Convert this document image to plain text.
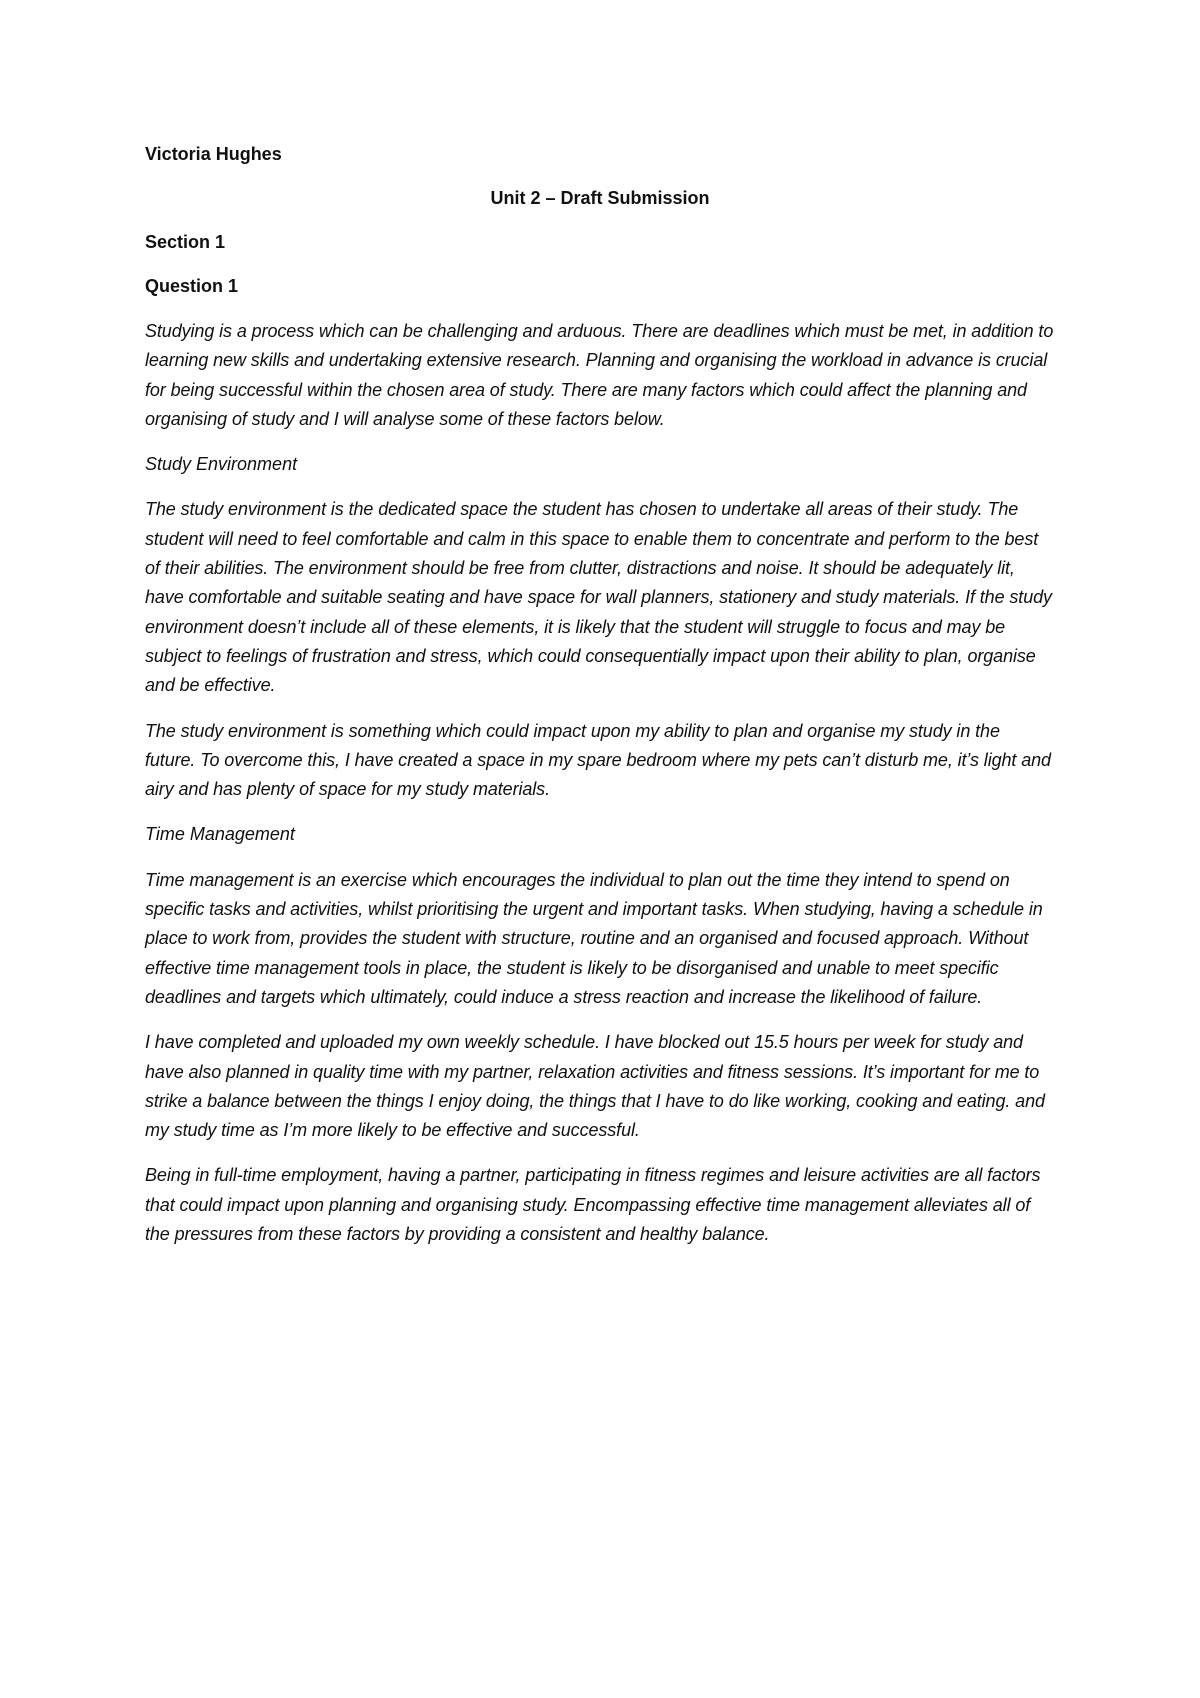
Victoria Hughes

Unit 2 – Draft Submission

Section 1

Question 1

Studying is a process which can be challenging and arduous. There are deadlines which must be met, in addition to learning new skills and undertaking extensive research. Planning and organising the workload in advance is crucial for being successful within the chosen area of study. There are many factors which could affect the planning and organising of study and I will analyse some of these factors below.

Study Environment

The study environment is the dedicated space the student has chosen to undertake all areas of their study. The student will need to feel comfortable and calm in this space to enable them to concentrate and perform to the best of their abilities. The environment should be free from clutter, distractions and noise. It should be adequately lit, have comfortable and suitable seating and have space for wall planners, stationery and study materials. If the study environment doesn’t include all of these elements, it is likely that the student will struggle to focus and may be subject to feelings of frustration and stress, which could consequentially impact upon their ability to plan, organise and be effective.

The study environment is something which could impact upon my ability to plan and organise my study in the future. To overcome this, I have created a space in my spare bedroom where my pets can’t disturb me, it’s light and airy and has plenty of space for my study materials.

Time Management

Time management is an exercise which encourages the individual to plan out the time they intend to spend on specific tasks and activities, whilst prioritising the urgent and important tasks. When studying, having a schedule in place to work from, provides the student with structure, routine and an organised and focused approach. Without effective time management tools in place, the student is likely to be disorganised and unable to meet specific deadlines and targets which ultimately, could induce a stress reaction and increase the likelihood of failure.

I have completed and uploaded my own weekly schedule. I have blocked out 15.5 hours per week for study and have also planned in quality time with my partner, relaxation activities and fitness sessions. It’s important for me to strike a balance between the things I enjoy doing, the things that I have to do like working, cooking and eating. and my study time as I’m more likely to be effective and successful.

Being in full-time employment, having a partner, participating in fitness regimes and leisure activities are all factors that could impact upon planning and organising study. Encompassing effective time management alleviates all of the pressures from these factors by providing a consistent and healthy balance.
